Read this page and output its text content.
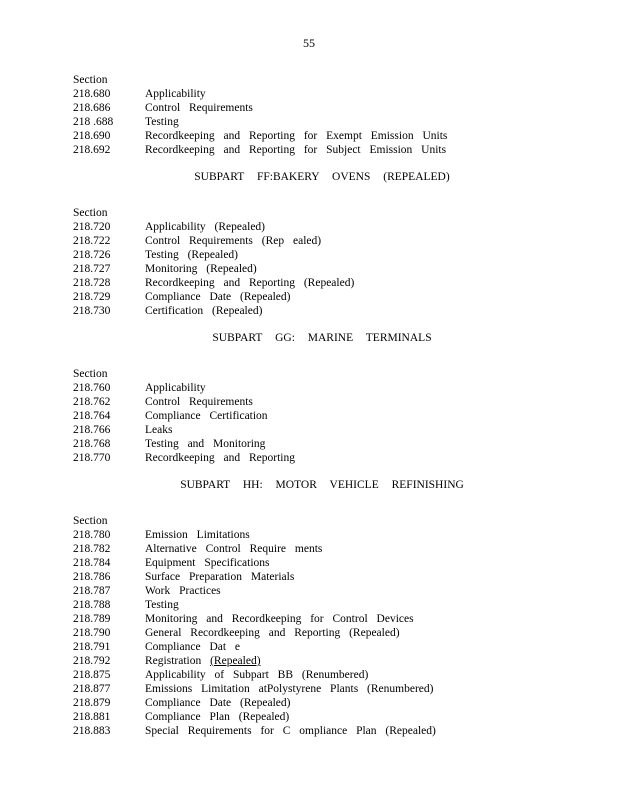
55
Section
218.680	Applicability
218.686	Control Requirements
218 .688	Testing
218.690	Recordkeeping and Reporting for Exempt Emission Units
218.692	Recordkeeping and Reporting for Subject Emission Units
SUBPART FF:BAKERY OVENS (REPEALED)
Section
218.720	Applicability (Repealed)
218.722	Control Requirements (Rep ealed)
218.726	Testing (Repealed)
218.727	Monitoring (Repealed)
218.728	Recordkeeping and Reporting (Repealed)
218.729	Compliance Date (Repealed)
218.730	Certification (Repealed)
SUBPART GG: MARINE TERMINALS
Section
218.760	Applicability
218.762	Control Requirements
218.764	Compliance Certification
218.766	Leaks
218.768	Testing and Monitoring
218.770	Recordkeeping and Reporting
SUBPART HH: MOTOR VEHICLE REFINISHING
Section
218.780	Emission Limitations
218.782	Alternative Control Require ments
218.784	Equipment Specifications
218.786	Surface Preparation Materials
218.787	Work Practices
218.788	Testing
218.789	Monitoring and Recordkeeping for Control Devices
218.790	General Recordkeeping and Reporting (Repealed)
218.791	Compliance Dat e
218.792	Registration (Repealed)
218.875	Applicability of Subpart BB (Renumbered)
218.877	Emissions Limitation atPolystyrene Plants (Renumbered)
218.879	Compliance Date (Repealed)
218.881	Compliance Plan (Repealed)
218.883	Special Requirements for C ompliance Plan (Repealed)
